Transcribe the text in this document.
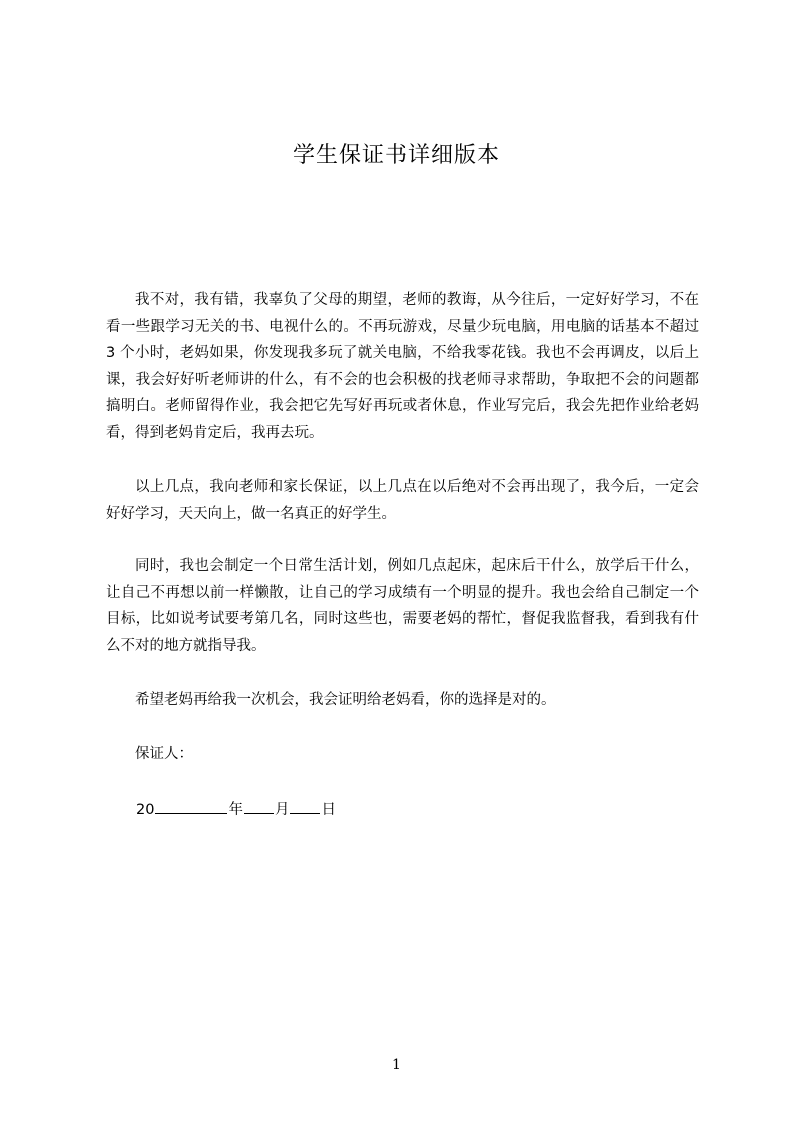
学生保证书详细版本

我不对，我有错，我辜负了父母的期望，老师的教诲，从今往后，一定好好学习，不在看一些跟学习无关的书、电视什么的。不再玩游戏，尽量少玩电脑，用电脑的话基本不超过 3 个小时，老妈如果，你发现我多玩了就关电脑，不给我零花钱。我也不会再调皮，以后上课，我会好好听老师讲的什么，有不会的也会积极的找老师寻求帮助，争取把不会的问题都搞明白。老师留得作业，我会把它先写好再玩或者休息，作业写完后，我会先把作业给老妈看，得到老妈肯定后，我再去玩。

以上几点，我向老师和家长保证，以上几点在以后绝对不会再出现了，我今后，一定会好好学习，天天向上，做一名真正的好学生。

同时，我也会制定一个日常生活计划，例如几点起床，起床后干什么，放学后干什么，让自己不再想以前一样懒散，让自己的学习成绩有一个明显的提升。我也会给自己制定一个目标，比如说考试要考第几名，同时这些也，需要老妈的帮忙，督促我监督我，看到我有什么不对的地方就指导我。

希望老妈再给我一次机会，我会证明给老妈看，你的选择是对的。

保证人：

20	年 月 日

1
